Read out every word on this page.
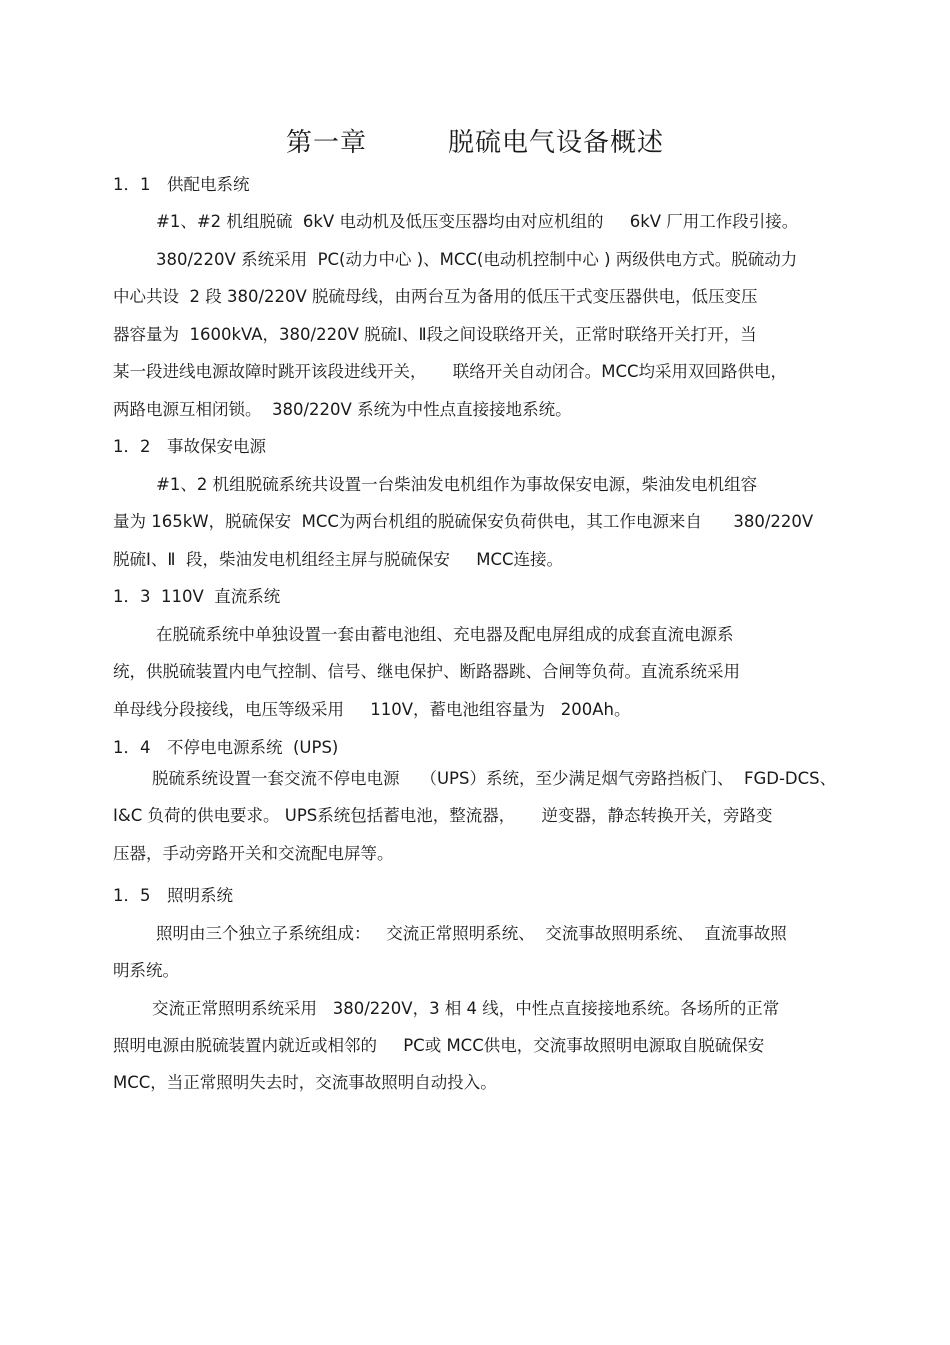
第一章　　　脱硫电气设备概述
1．1　供配电系统
#1、#2 机组脱硫  6kV 电动机及低压变压器均由对应机组的     6kV 厂用工作段引接。
380/220V 系统采用  PC(动力中心 )、MCC(电动机控制中心 ) 两级供电方式。脱硫动力
中心共设  2 段 380/220V 脱硫母线，由两台互为备用的低压干式变压器供电，低压变压
器容量为  1600kVA，380/220V 脱硫Ⅰ、Ⅱ段之间设联络开关，正常时联络开关打开，当
某一段进线电源故障时跳开该段进线开关，     联络开关自动闭合。MCC均采用双回路供电，
两路电源互相闭锁。  380/220V 系统为中性点直接接地系统。
1．2　事故保安电源
#1、2 机组脱硫系统共设置一台柴油发电机组作为事故保安电源，柴油发电机组容
量为 165kW，脱硫保安  MCC为两台机组的脱硫保安负荷供电，其工作电源来自      380/220V
脱硫Ⅰ、Ⅱ  段，柴油发电机组经主屏与脱硫保安     MCC连接。
1．3  110V  直流系统
在脱硫系统中单独设置一套由蓄电池组、充电器及配电屏组成的成套直流电源系
统，供脱硫装置内电气控制、信号、继电保护、断路器跳、合闸等负荷。直流系统采用
单母线分段接线，电压等级采用     110V，蓄电池组容量为   200Ah。
1．4　不停电电源系统  (UPS)
脱硫系统设置一套交流不停电电源    （UPS）系统，至少满足烟气旁路挡板门、  FGD-DCS、
I&C 负荷的供电要求。 UPS系统包括蓄电池，整流器，     逆变器，静态转换开关，旁路变
压器，手动旁路开关和交流配电屏等。
1．5　照明系统
照明由三个独立子系统组成：   交流正常照明系统、  交流事故照明系统、  直流事故照
明系统。
交流正常照明系统采用   380/220V，3 相 4 线，中性点直接接地系统。各场所的正常
照明电源由脱硫装置内就近或相邻的     PC或 MCC供电，交流事故照明电源取自脱硫保安
MCC，当正常照明失去时，交流事故照明自动投入。
